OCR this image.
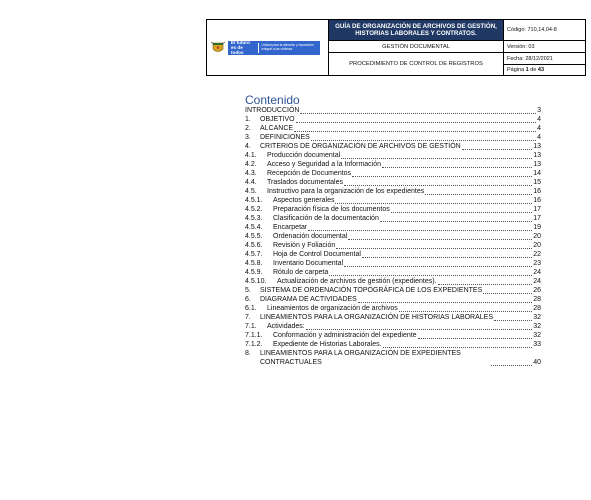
El futuro es de todos
Unidad para la atención y reparación integral a las víctimas	GUÍA DE ORGANIZACIÓN DE ARCHIVOS DE GESTIÓN, HISTORIAS LABORALES Y CONTRATOS.	Código: 710,14,04-8
	GESTIÓN DOCUMENTAL	Versión: 03
	PROCEDIMIENTO DE CONTROL DE REGISTROS	Fecha: 28/12/2021
		Página 1 de 43
Contenido
INTRODUCCIÓN	3
1.	OBJETIVO	4
2.	ALCANCE	4
3.	DEFINICIONES	4
4.	CRITERIOS DE ORGANIZACIÓN DE ARCHIVOS DE GESTIÓN	13
4.1.	Producción documental	13
4.2.	Acceso y Seguridad a la Información	13
4.3.	Recepción de Documentos	14
4.4.	Traslados documentales	15
4.5.	Instructivo para la organización de los expedientes	16
4.5.1.	Aspectos generales	16
4.5.2.	Preparación física de los documentos	17
4.5.3.	Clasificación de la documentación	17
4.5.4.	Encarpetar	19
4.5.5.	Ordenación documental	20
4.5.6.	Revisión y Foliación	20
4.5.7.	Hoja de Control Documental	22
4.5.8.	Inventario Documental	23
4.5.9.	Rótulo de carpeta	24
4.5.10.	Actualización de archivos de gestión (expedientes).	24
5.	SISTEMA DE ORDENACIÓN TOPOGRÁFICA DE LOS EXPEDIENTES	26
6.	DIAGRAMA DE ACTIVIDADES	28
6.1.	Lineamientos de organización de archivos	28
7.	LINEAMIENTOS PARA LA ORGANIZACIÓN DE HISTORIAS LABORALES	32
7.1.	Actividades:	32
7.1.1.	Conformación y administración del expediente	32
7.1.2.	Expediente de Historias Laborales.	33
8.	LINEAMIENTOS PARA LA ORGANIZACIÓN DE EXPEDIENTES CONTRACTUALES	40
